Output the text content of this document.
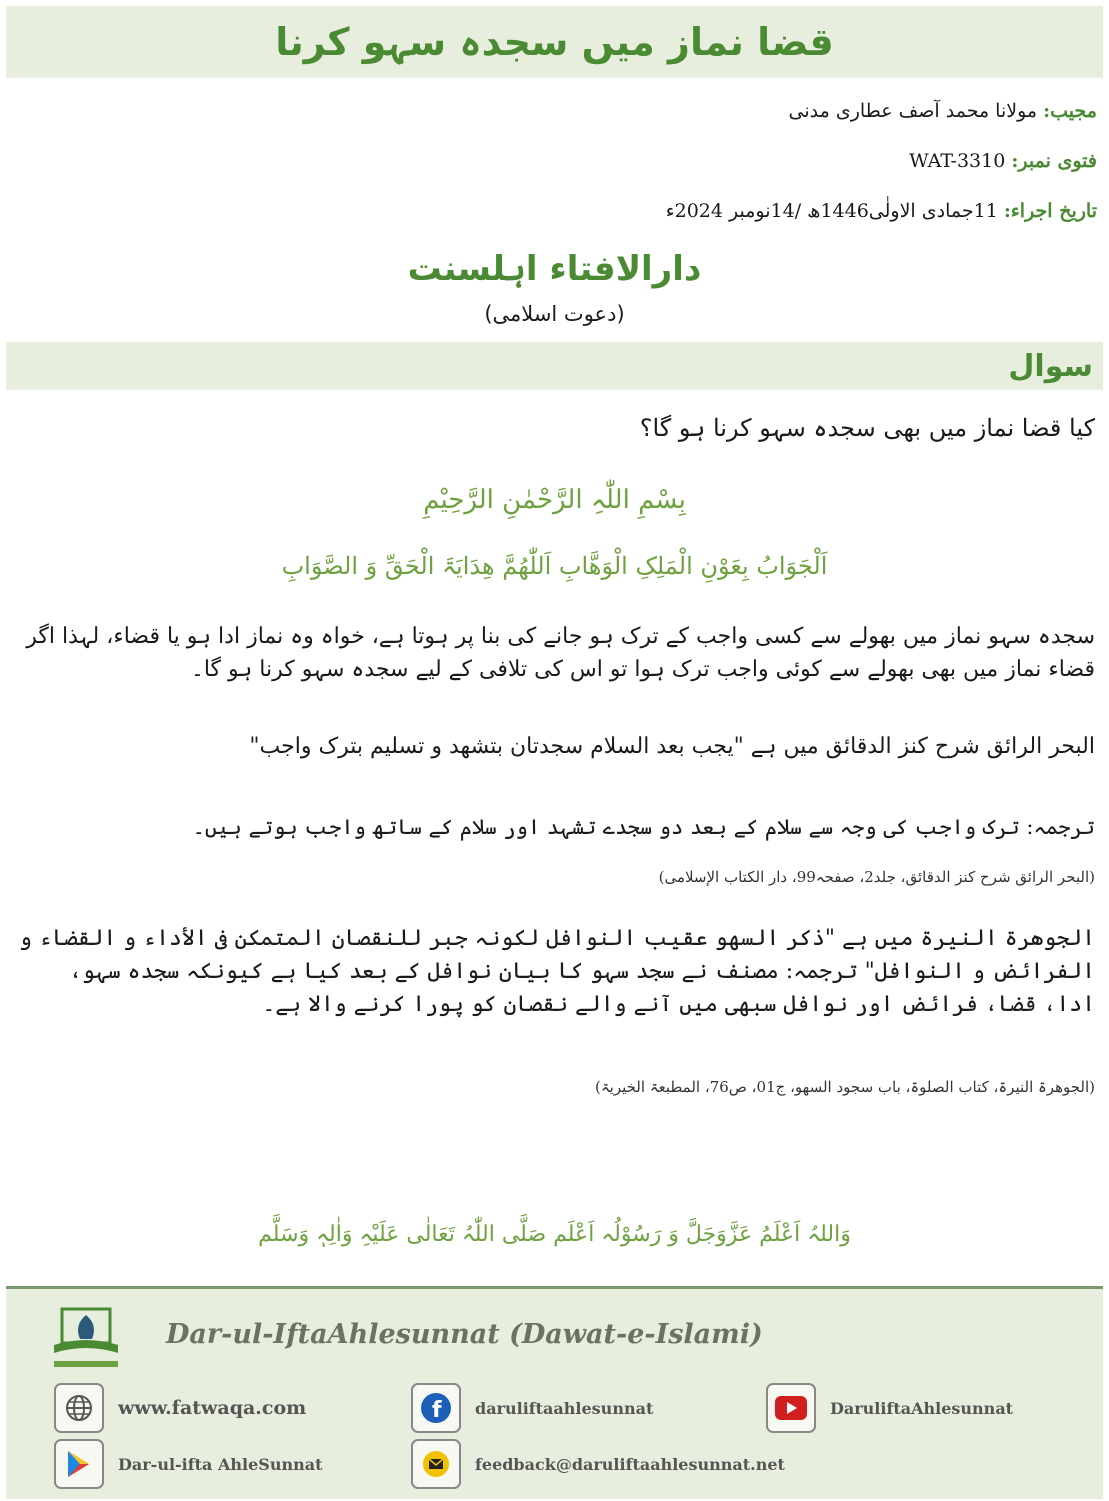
قضا نماز میں سجدہ سہو کرنا
مجیب: مولانا محمد آصف عطاری مدنی
فتوی نمبر: WAT-3310
تاریخ اجراء: 11جمادی الاولٰی1446ھ /14نومبر 2024ء
دارالافتاء اہلسنت
(دعوت اسلامی)
سوال
کیا قضا نماز میں بھی سجدہ سہو کرنا ہو گا؟
بِسْمِ اللّٰہِ الرَّحْمٰنِ الرَّحِیْمِ
اَلْجَوَابُ بِعَوْنِ الْمَلِکِ الْوَھَّابِ اَللّٰھُمَّ ھِدَایَۃَ الْحَقِّ وَ الصَّوَابِ
سجدہ سہو نماز میں بھولے سے کسی واجب کے ترک ہو جانے کی بنا پر ہوتا ہے، خواہ وہ نماز ادا ہو یا قضاء، لہذا اگر قضاء نماز میں بھی بھولے سے کوئی واجب ترک ہوا تو اس کی تلافی کے لیے سجدہ سہو کرنا ہو گا۔
البحر الرائق شرح کنز الدقائق میں ہے "یجب بعد السلام سجدتان بتشھد و تسلیم بترک واجب"
ترجمہ: ترک واجب کی وجہ سے سلام کے بعد دو سجدے تشہد اور سلام کے ساتھ واجب ہوتے ہیں۔
(البحر الرائق شرح کنز الدقائق، جلد2، صفحہ99، دار الکتاب الإسلامی)
الجوھرۃ النیرۃ میں ہے "ذکر السھو عقیب النوافل لکونہ جبر للنقصان المتمکن فی الأداء و القضاء و الفرائض و النوافل" ترجمہ: مصنف نے سجد سہو کا بیان نوافل کے بعد کیا ہے کیونکہ سجدہ سہو، ادا، قضا، فرائض اور نوافل سبھی میں آنے والے نقصان کو پورا کرنے والا ہے۔
(الجوھرۃ النیرۃ، کتاب الصلوۃ، باب سجود السھو، ج01، ص76، المطبعۃ الخیریۃ)
وَاللہُ اَعْلَمُ عَزَّوَجَلَّ وَ رَسُوْلُہ اَعْلَم صَلَّی اللّٰہُ تَعَالٰی عَلَیْہِ وَاٰلِہٖ وَسَلَّم
Dar-ul-IftaAhlesunnat (Dawat-e-Islami)
www.fatwaqa.com	f daruliftaahlesunnat	DaruliftaAhlesunnat
Dar-ul-ifta AhleSunnat	feedback@daruliftaahlesunnat.net
